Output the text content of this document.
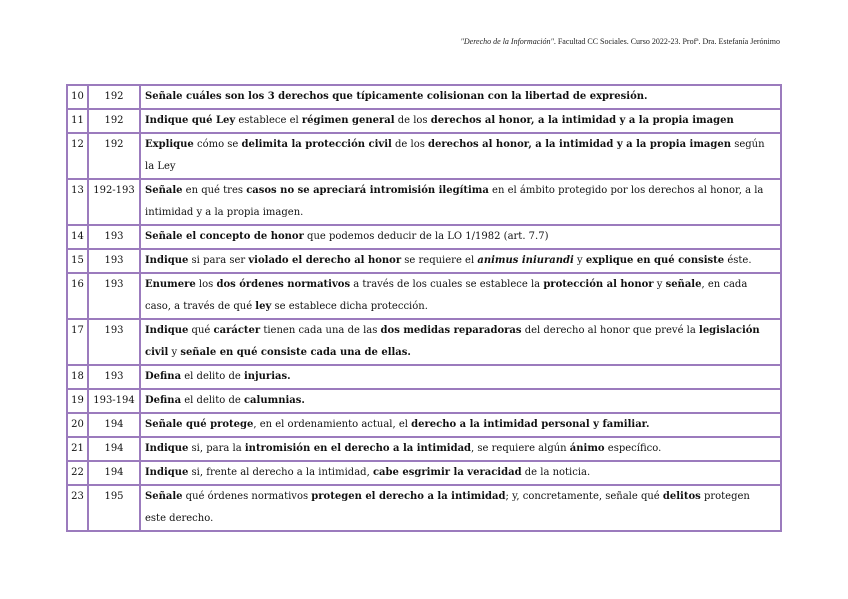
"Derecho de la Información". Facultad CC Sociales. Curso 2022-23. Profª. Dra. Estefanía Jerónimo
10	192	Señale cuáles son los 3 derechos que típicamente colisionan con la libertad de expresión.
11	192	Indique qué Ley establece el régimen general de los derechos al honor, a la intimidad y a la propia imagen
12	192	Explique cómo se delimita la protección civil de los derechos al honor, a la intimidad y a la propia imagen según la Ley
13	192-193	Señale en qué tres casos no se apreciará intromisión ilegítima en el ámbito protegido por los derechos al honor, a la intimidad y a la propia imagen.
14	193	Señale el concepto de honor que podemos deducir de la LO 1/1982 (art. 7.7)
15	193	Indique si para ser violado el derecho al honor se requiere el animus iniurandi y explique en qué consiste éste.
16	193	Enumere los dos órdenes normativos a través de los cuales se establece la protección al honor y señale, en cada caso, a través de qué ley se establece dicha protección.
17	193	Indique qué carácter tienen cada una de las dos medidas reparadoras del derecho al honor que prevé la legislación civil y señale en qué consiste cada una de ellas.
18	193	Defina el delito de injurias.
19	193-194	Defina el delito de calumnias.
20	194	Señale qué protege, en el ordenamiento actual, el derecho a la intimidad personal y familiar.
21	194	Indique si, para la intromisión en el derecho a la intimidad, se requiere algún ánimo específico.
22	194	Indique si, frente al derecho a la intimidad, cabe esgrimir la veracidad de la noticia.
23	195	Señale qué órdenes normativos protegen el derecho a la intimidad; y, concretamente, señale qué delitos protegen este derecho.
